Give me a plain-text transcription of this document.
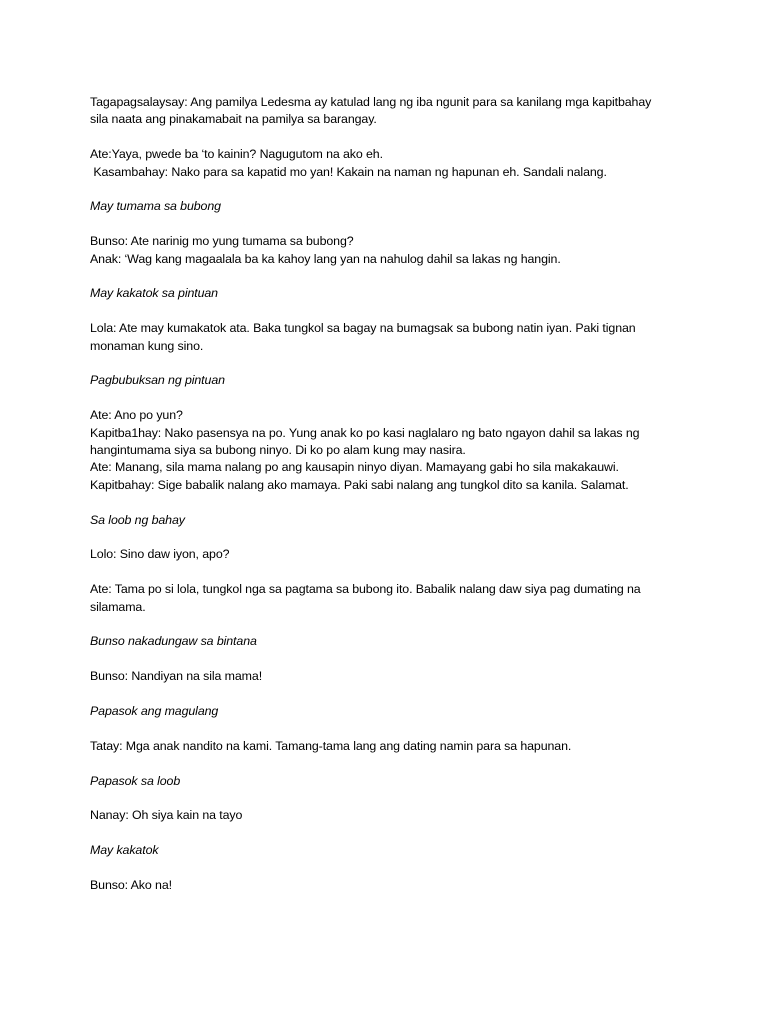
Tagapagsalaysay: Ang pamilya Ledesma ay katulad lang ng iba ngunit para sa kanilang mga kapitbahay
sila naata ang pinakamabait na pamilya sa barangay.
Ate:Yaya, pwede ba ‘to kainin? Nagugutom na ako eh.
Kasambahay: Nako para sa kapatid mo yan! Kakain na naman ng hapunan eh. Sandali nalang.
May tumama sa bubong
Bunso: Ate narinig mo yung tumama sa bubong?
Anak: ‘Wag kang magaalala ba ka kahoy lang yan na nahulog dahil sa lakas ng hangin.
May kakatok sa pintuan
Lola: Ate may kumakatok ata. Baka tungkol sa bagay na bumagsak sa bubong natin iyan. Paki tignan
monaman kung sino.
Pagbubuksan ng pintuan
Ate: Ano po yun?
Kapitba1hay: Nako pasensya na po. Yung anak ko po kasi naglalaro ng bato ngayon dahil sa lakas ng
hangintumama siya sa bubong ninyo. Di ko po alam kung may nasira.
Ate: Manang, sila mama nalang po ang kausapin ninyo diyan. Mamayang gabi ho sila makakauwi.
Kapitbahay: Sige babalik nalang ako mamaya. Paki sabi nalang ang tungkol dito sa kanila. Salamat.
Sa loob ng bahay
Lolo: Sino daw iyon, apo?
Ate: Tama po si lola, tungkol nga sa pagtama sa bubong ito. Babalik nalang daw siya pag dumating na
silamama.
Bunso nakadungaw sa bintana
Bunso: Nandiyan na sila mama!
Papasok ang magulang
Tatay: Mga anak nandito na kami. Tamang-tama lang ang dating namin para sa hapunan.
Papasok sa loob
Nanay: Oh siya kain na tayo
May kakatok
Bunso: Ako na!
